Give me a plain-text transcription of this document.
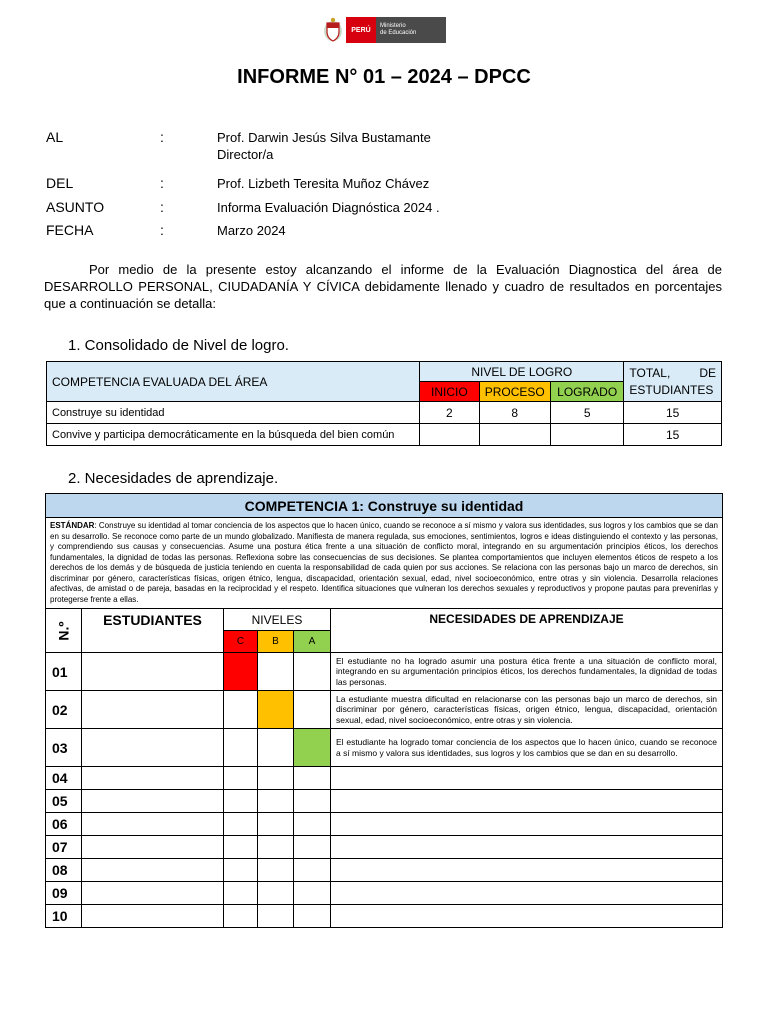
PERÚ
Ministerio
de Educación
INFORME N° 01 – 2024 – DPCC
AL	:	Prof. Darwin Jesús Silva Bustamante
Director/a
DEL	:	Prof. Lizbeth Teresita Muñoz Chávez
ASUNTO	:	Informa Evaluación Diagnóstica 2024 .
FECHA	:	Marzo 2024
Por medio de la presente estoy alcanzando el informe de la Evaluación Diagnostica del área de DESARROLLO PERSONAL, CIUDADANÍA Y CÍVICA debidamente llenado y cuadro de resultados en porcentajes que a continuación se detalla:
1. Consolidado de Nivel de logro.
COMPETENCIA EVALUADA DEL ÁREA	NIVEL DE LOGRO			TOTAL, DE ESTUDIANTES
	INICIO	PROCESO	LOGRADO	
Construye su identidad	2	8	5	15
Convive y participa democráticamente en la búsqueda del bien común				15
2. Necesidades de aprendizaje.
COMPETENCIA 1: Construye su identidad					
ESTÁNDAR: Construye su identidad al tomar conciencia de los aspectos que lo hacen único, cuando se reconoce a sí mismo y valora sus identidades, sus logros y los cambios que se dan en su desarrollo. Se reconoce como parte de un mundo globalizado. Manifiesta de manera regulada, sus emociones, sentimientos, logros e ideas distinguiendo el contexto y las personas, y comprendiendo sus causas y consecuencias. Asume una postura ética frente a una situación de conflicto moral, integrando en su argumentación principios éticos, los derechos fundamentales, la dignidad de todas las personas. Reflexiona sobre las consecuencias de sus decisiones. Se plantea comportamientos que incluyen elementos éticos de respeto a los derechos de los demás y de búsqueda de justicia teniendo en cuenta la responsabilidad de cada quien por sus acciones. Se relaciona con las personas bajo un marco de derechos, sin discriminar por género, características físicas, origen étnico, lengua, discapacidad, orientación sexual, edad, nivel socioeconómico, entre otras y sin violencia. Desarrolla relaciones afectivas, de amistad o de pareja, basadas en la reciprocidad y el respeto. Identifica situaciones que vulneran los derechos sexuales y reproductivos y propone pautas para prevenirlas y protegerse frente a ellas.					

N.º	ESTUDIANTES	NIVELES			NECESIDADES DE APRENDIZAJE
		C	B	A	
01					El estudiante no ha logrado asumir una postura ética frente a una situación de conflicto moral, integrando en su argumentación principios éticos, los derechos fundamentales, la dignidad de todas las personas.
02					La estudiante muestra dificultad en relacionarse con las personas bajo un marco de derechos, sin discriminar por género, características físicas, origen étnico, lengua, discapacidad, orientación sexual, edad, nivel socioeconómico, entre otras y sin violencia.
03					El estudiante ha logrado tomar conciencia de los aspectos que lo hacen único, cuando se reconoce a sí mismo y valora sus identidades, sus logros y los cambios que se dan en su desarrollo.
04					
05					
06					
07					
08					
09					
10					
